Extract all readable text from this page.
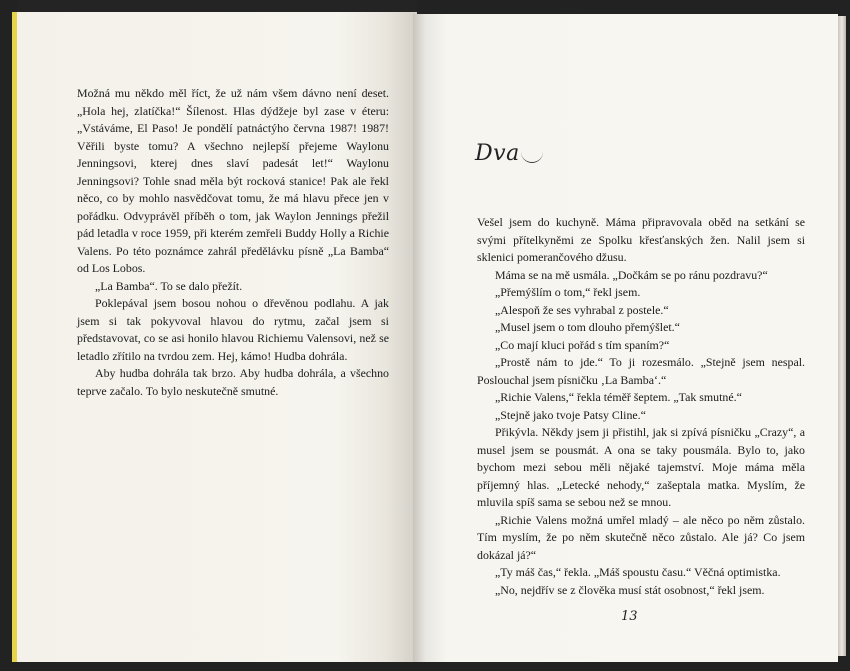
Možná mu někdo měl říct, že už nám všem dávno není deset. „Hola hej, zlatíčka!“ Šílenost. Hlas dýdžeje byl zase v éteru: „Vstáváme, El Paso! Je pondělí patnáctýho června 1987! 1987! Věřili byste tomu? A všechno nejlepší přejeme Waylonu Jenningsovi, kterej dnes slaví padesát let!“ Waylonu Jenningsovi? Tohle snad měla být rocková stanice! Pak ale řekl něco, co by mohlo nasvědčovat tomu, že má hlavu přece jen v pořádku. Odvyprávěl příběh o tom, jak Waylon Jennings přežil pád letadla v roce 1959, při kterém zemřeli Buddy Holly a Richie Valens. Po této poznámce zahrál předělávku písně „La Bamba“ od Los Lobos.

„La Bamba“. To se dalo přežít.

Poklepával jsem bosou nohou o dřevěnou podlahu. A jak jsem si tak pokyvoval hlavou do rytmu, začal jsem si představovat, co se asi honilo hlavou Richiemu Valensovi, než se letadlo zřítilo na tvrdou zem. Hej, kámo! Hudba dohrála.

Aby hudba dohrála tak brzo. Aby hudba dohrála, a všechno teprve začalo. To bylo neskutečně smutné.

Dva

Vešel jsem do kuchyně. Máma připravovala oběd na setkání se svými přítelkyněmi ze Spolku křesťanských žen. Nalil jsem si sklenici pomerančového džusu.

Máma se na mě usmála. „Dočkám se po ránu pozdravu?“

„Přemýšlím o tom,“ řekl jsem.

„Alespoň že ses vyhrabal z postele.“

„Musel jsem o tom dlouho přemýšlet.“

„Co mají kluci pořád s tím spaním?“

„Prostě nám to jde.“ To ji rozesmálo. „Stejně jsem nespal. Poslouchal jsem písničku ‚La Bamba‘.“

„Richie Valens,“ řekla téměř šeptem. „Tak smutné.“

„Stejně jako tvoje Patsy Cline.“

Přikývla. Někdy jsem ji přistihl, jak si zpívá písničku „Crazy“, a musel jsem se pousmát. A ona se taky pousmála. Bylo to, jako bychom mezi sebou měli nějaké tajemství. Moje máma měla příjemný hlas. „Letecké nehody,“ zašeptala matka. Myslím, že mluvila spíš sama se sebou než se mnou.

„Richie Valens možná umřel mladý – ale něco po něm zůstalo. Tím myslím, že po něm skutečně něco zůstalo. Ale já? Co jsem dokázal já?“

„Ty máš čas,“ řekla. „Máš spoustu času.“ Věčná optimistka.

„No, nejdřív se z člověka musí stát osobnost,“ řekl jsem.

13
